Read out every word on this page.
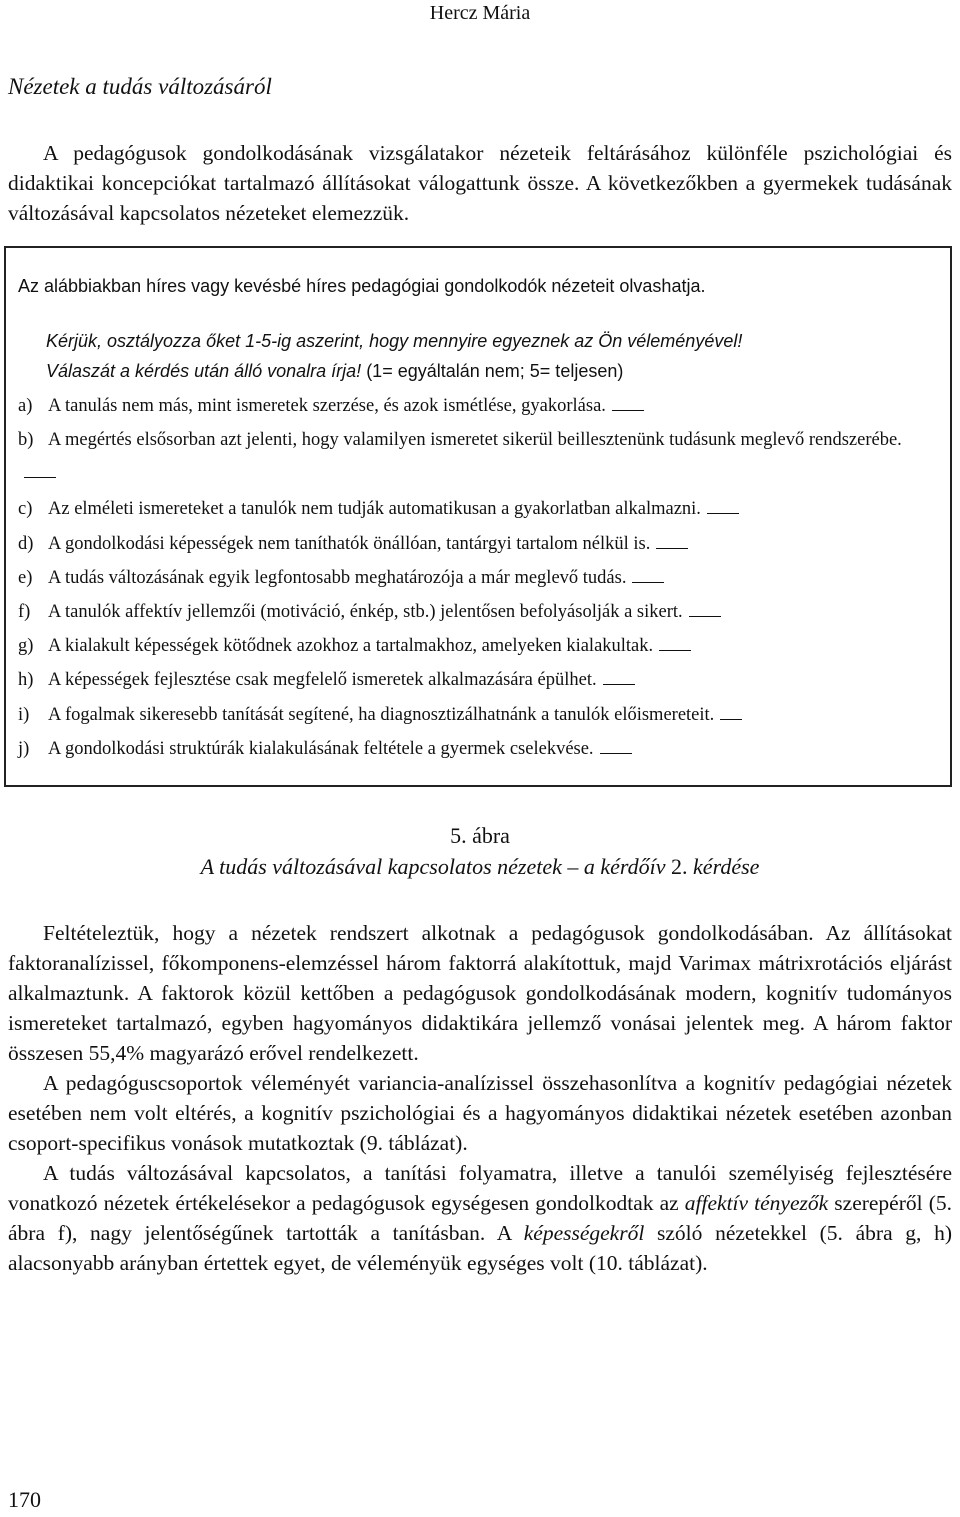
Hercz Mária
Nézetek a tudás változásáról
A pedagógusok gondolkodásának vizsgálatakor nézeteik feltárásához különféle pszichológiai és didaktikai koncepciókat tartalmazó állításokat válogattunk össze. A következőkben a gyermekek tudásának változásával kapcsolatos nézeteket elemezzük.
Az alábbiakban híres vagy kevésbé híres pedagógiai gondolkodók nézeteit olvashatja.
Kérjük, osztályozza őket 1-5-ig aszerint, hogy mennyire egyeznek az Ön véleményével!
Válaszát a kérdés után álló vonalra írja! (1= egyáltalán nem; 5= teljesen)
a) A tanulás nem más, mint ismeretek szerzése, és azok ismétlése, gyakorlása.
b) A megértés elsősorban azt jelenti, hogy valamilyen ismeretet sikerül beillesztenünk tudásunk meglevő rendszerébe.
c) Az elméleti ismereteket a tanulók nem tudják automatikusan a gyakorlatban alkalmazni.
d) A gondolkodási képességek nem taníthatók önállóan, tantárgyi tartalom nélkül is.
e) A tudás változásának egyik legfontosabb meghatározója a már meglevő tudás.
f) A tanulók affektív jellemzői (motiváció, énkép, stb.) jelentősen befolyásolják a sikert.
g) A kialakult képességek kötődnek azokhoz a tartalmakhoz, amelyeken kialakultak.
h) A képességek fejlesztése csak megfelelő ismeretek alkalmazására épülhet.
i) A fogalmak sikeresebb tanítását segítené, ha diagnosztizálhatnánk a tanulók előismereteit.
j) A gondolkodási struktúrák kialakulásának feltétele a gyermek cselekvése.
5. ábra
A tudás változásával kapcsolatos nézetek – a kérdőív 2. kérdése
Feltételeztük, hogy a nézetek rendszert alkotnak a pedagógusok gondolkodásában. Az állításokat faktoranalízissel, főkomponens-elemzéssel három faktorrá alakítottuk, majd Varimax mátrixrotációs eljárást alkalmaztunk. A faktorok közül kettőben a pedagógusok gondolkodásának modern, kognitív tudományos ismereteket tartalmazó, egyben hagyományos didaktikára jellemző vonásai jelentek meg. A három faktor összesen 55,4% magyarázó erővel rendelkezett.
A pedagóguscsoportok véleményét variancia-analízissel összehasonlítva a kognitív pedagógiai nézetek esetében nem volt eltérés, a kognitív pszichológiai és a hagyományos didaktikai nézetek esetében azonban csoport-specifikus vonások mutatkoztak (9. táblázat).
A tudás változásával kapcsolatos, a tanítási folyamatra, illetve a tanulói személyiség fejlesztésére vonatkozó nézetek értékelésekor a pedagógusok egységesen gondolkodtak az affektív tényezők szerepéről (5. ábra f), nagy jelentőségűnek tartották a tanításban. A képességekről szóló nézetekkel (5. ábra g, h) alacsonyabb arányban értettek egyet, de véleményük egységes volt (10. táblázat).
170
